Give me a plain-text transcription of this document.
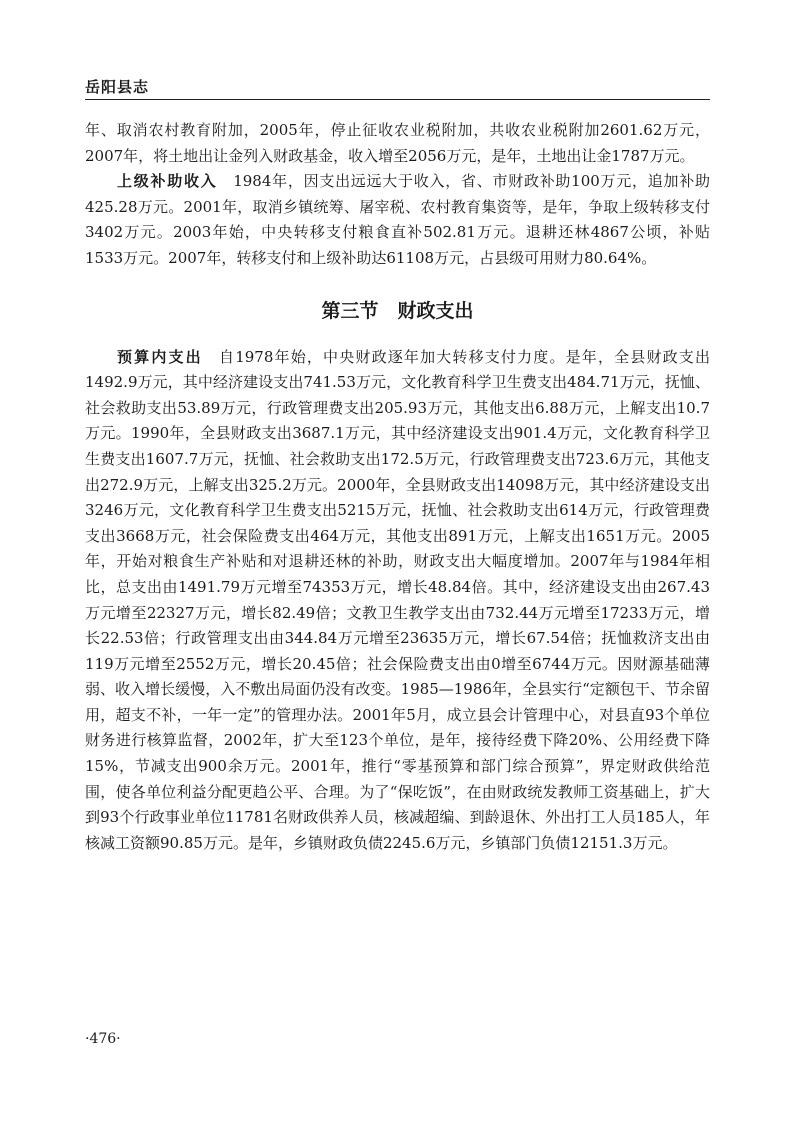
岳阳县志

年、取消农村教育附加，2005年，停止征收农业税附加，共收农业税附加2601.62万元，2007年，将土地出让金列入财政基金，收入增至2056万元，是年，土地出让金1787万元。

上级补助收入　1984年，因支出远远大于收入，省、市财政补助100万元，追加补助425.28万元。2001年，取消乡镇统筹、屠宰税、农村教育集资等，是年，争取上级转移支付3402万元。2003年始，中央转移支付粮食直补502.81万元。退耕还林4867公顷，补贴1533万元。2007年，转移支付和上级补助达61108万元，占县级可用财力80.64%。

第三节　财政支出

预算内支出　自1978年始，中央财政逐年加大转移支付力度。是年，全县财政支出1492.9万元，其中经济建设支出741.53万元，文化教育科学卫生费支出484.71万元，抚恤、社会救助支出53.89万元，行政管理费支出205.93万元，其他支出6.88万元，上解支出10.7万元。1990年，全县财政支出3687.1万元，其中经济建设支出901.4万元，文化教育科学卫生费支出1607.7万元，抚恤、社会救助支出172.5万元，行政管理费支出723.6万元，其他支出272.9万元，上解支出325.2万元。2000年，全县财政支出14098万元，其中经济建设支出3246万元，文化教育科学卫生费支出5215万元，抚恤、社会救助支出614万元，行政管理费支出3668万元，社会保险费支出464万元，其他支出891万元，上解支出1651万元。2005年，开始对粮食生产补贴和对退耕还林的补助，财政支出大幅度增加。2007年与1984年相比，总支出由1491.79万元增至74353万元，增长48.84倍。其中，经济建设支出由267.43万元增至22327万元，增长82.49倍；文教卫生教学支出由732.44万元增至17233万元，增长22.53倍；行政管理支出由344.84万元增至23635万元，增长67.54倍；抚恤救济支出由119万元增至2552万元，增长20.45倍；社会保险费支出由0增至6744万元。因财源基础薄弱、收入增长缓慢，入不敷出局面仍没有改变。1985—1986年，全县实行“定额包干、节余留用，超支不补，一年一定”的管理办法。2001年5月，成立县会计管理中心，对县直93个单位财务进行核算监督，2002年，扩大至123个单位，是年，接待经费下降20%、公用经费下降15%，节减支出900余万元。2001年，推行“零基预算和部门综合预算”，界定财政供给范围，使各单位利益分配更趋公平、合理。为了“保吃饭”，在由财政统发教师工资基础上，扩大到93个行政事业单位11781名财政供养人员，核减超编、到龄退休、外出打工人员185人，年核减工资额90.85万元。是年，乡镇财政负债2245.6万元，乡镇部门负债12151.3万元。

·476·
